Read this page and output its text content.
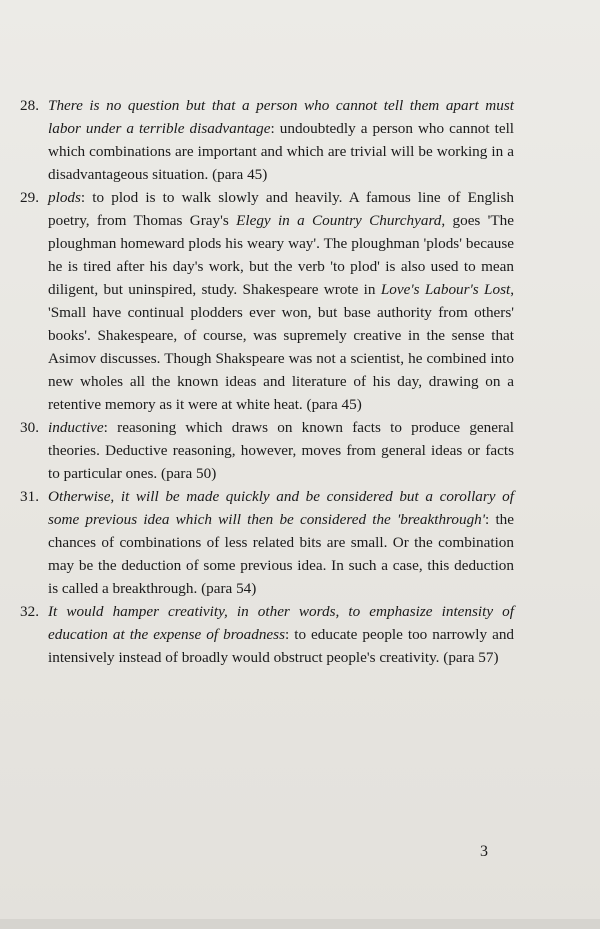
28. There is no question but that a person who cannot tell them apart must labor under a terrible disadvantage: undoubtedly a person who cannot tell which combinations are important and which are trivial will be working in a disadvantageous situation. (para 45)
29. plods: to plod is to walk slowly and heavily. A famous line of English poetry, from Thomas Gray's Elegy in a Country Churchyard, goes 'The ploughman homeward plods his weary way'. The ploughman 'plods' because he is tired after his day's work, but the verb 'to plod' is also used to mean diligent, but uninspired, study. Shakespeare wrote in Love's Labour's Lost, 'Small have continual plodders ever won, but base authority from others' books'. Shakespeare, of course, was supremely creative in the sense that Asimov discusses. Though Shakspeare was not a scientist, he combined into new wholes all the known ideas and literature of his day, drawing on a retentive memory as it were at white heat. (para 45)
30. inductive: reasoning which draws on known facts to produce general theories. Deductive reasoning, however, moves from general ideas or facts to particular ones. (para 50)
31. Otherwise, it will be made quickly and be considered but a corollary of some previous idea which will then be considered the 'breakthrough': the chances of combinations of less related bits are small. Or the combination may be the deduction of some previous idea. In such a case, this deduction is called a breakthrough. (para 54)
32. It would hamper creativity, in other words, to emphasize intensity of education at the expense of broadness: to educate people too narrowly and intensively instead of broadly would obstruct people's creativity. (para 57)
3
